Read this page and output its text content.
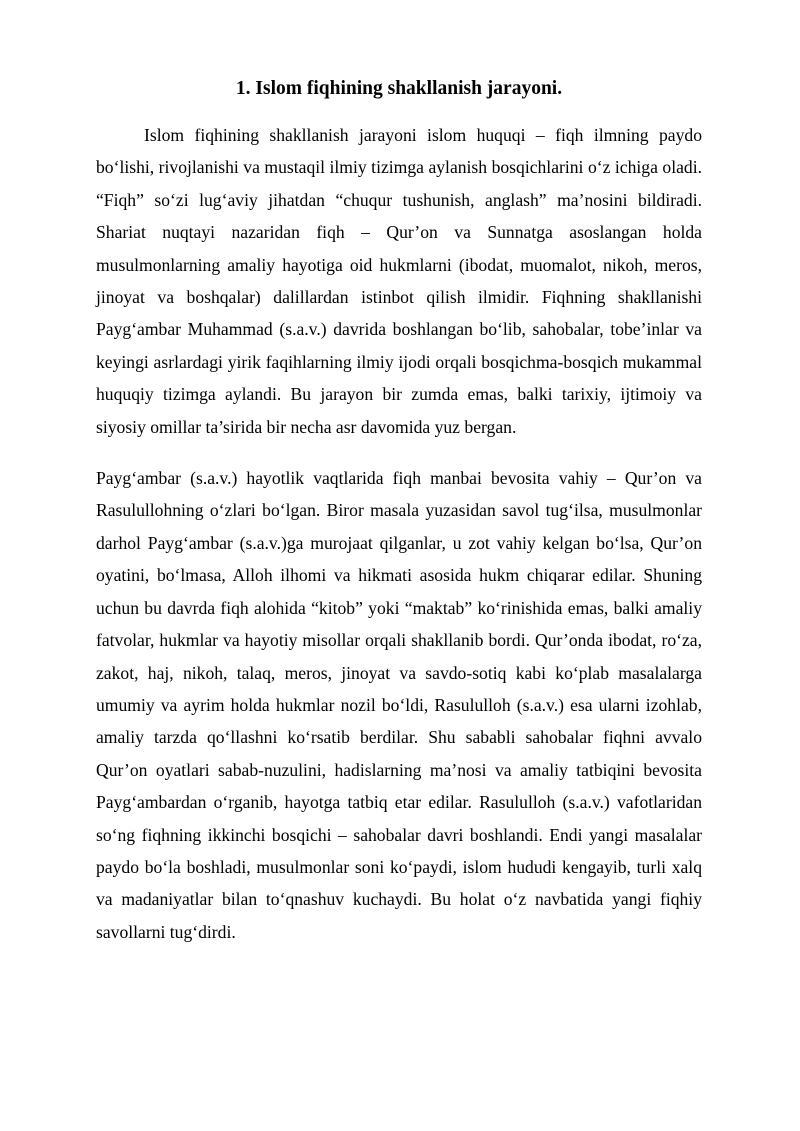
1. Islom fiqhining shakllanish jarayoni.

Islom fiqhining shakllanish jarayoni islom huquqi – fiqh ilmning paydo bo‘lishi, rivojlanishi va mustaqil ilmiy tizimga aylanish bosqichlarini o‘z ichiga oladi. “Fiqh” so‘zi lug‘aviy jihatdan “chuqur tushunish, anglash” ma’nosini bildiradi. Shariat nuqtayi nazaridan fiqh – Qur’on va Sunnatga asoslangan holda musulmonlarning amaliy hayotiga oid hukmlarni (ibodat, muomalot, nikoh, meros, jinoyat va boshqalar) dalillardan istinbot qilish ilmidir. Fiqhning shakllanishi Payg‘ambar Muhammad (s.a.v.) davrida boshlangan bo‘lib, sahobalar, tobe’inlar va keyingi asrlardagi yirik faqihlarning ilmiy ijodi orqali bosqichma-bosqich mukammal huquqiy tizimga aylandi. Bu jarayon bir zumda emas, balki tarixiy, ijtimoiy va siyosiy omillar ta’sirida bir necha asr davomida yuz bergan.

Payg‘ambar (s.a.v.) hayotlik vaqtlarida fiqh manbai bevosita vahiy – Qur’on va Rasulullohning o‘zlari bo‘lgan. Biror masala yuzasidan savol tug‘ilsa, musulmonlar darhol Payg‘ambar (s.a.v.)ga murojaat qilganlar, u zot vahiy kelgan bo‘lsa, Qur’on oyatini, bo‘lmasa, Alloh ilhomi va hikmati asosida hukm chiqarar edilar. Shuning uchun bu davrda fiqh alohida “kitob” yoki “maktab” ko‘rinishida emas, balki amaliy fatvolar, hukmlar va hayotiy misollar orqali shakllanib bordi. Qur’onda ibodat, ro‘za, zakot, haj, nikoh, talaq, meros, jinoyat va savdo-sotiq kabi ko‘plab masalalarga umumiy va ayrim holda hukmlar nozil bo‘ldi, Rasululloh (s.a.v.) esa ularni izohlab, amaliy tarzda qo‘llashni ko‘rsatib berdilar. Shu sababli sahobalar fiqhni avvalo Qur’on oyatlari sabab-nuzulini, hadislarning ma’nosi va amaliy tatbiqini bevosita Payg‘ambardan o‘rganib, hayotga tatbiq etar edilar. Rasululloh (s.a.v.) vafotlaridan so‘ng fiqhning ikkinchi bosqichi – sahobalar davri boshlandi. Endi yangi masalalar paydo bo‘la boshladi, musulmonlar soni ko‘paydi, islom hududi kengayib, turli xalq va madaniyatlar bilan to‘qnashuv kuchaydi. Bu holat o‘z navbatida yangi fiqhiy savollarni tug‘dirdi.
